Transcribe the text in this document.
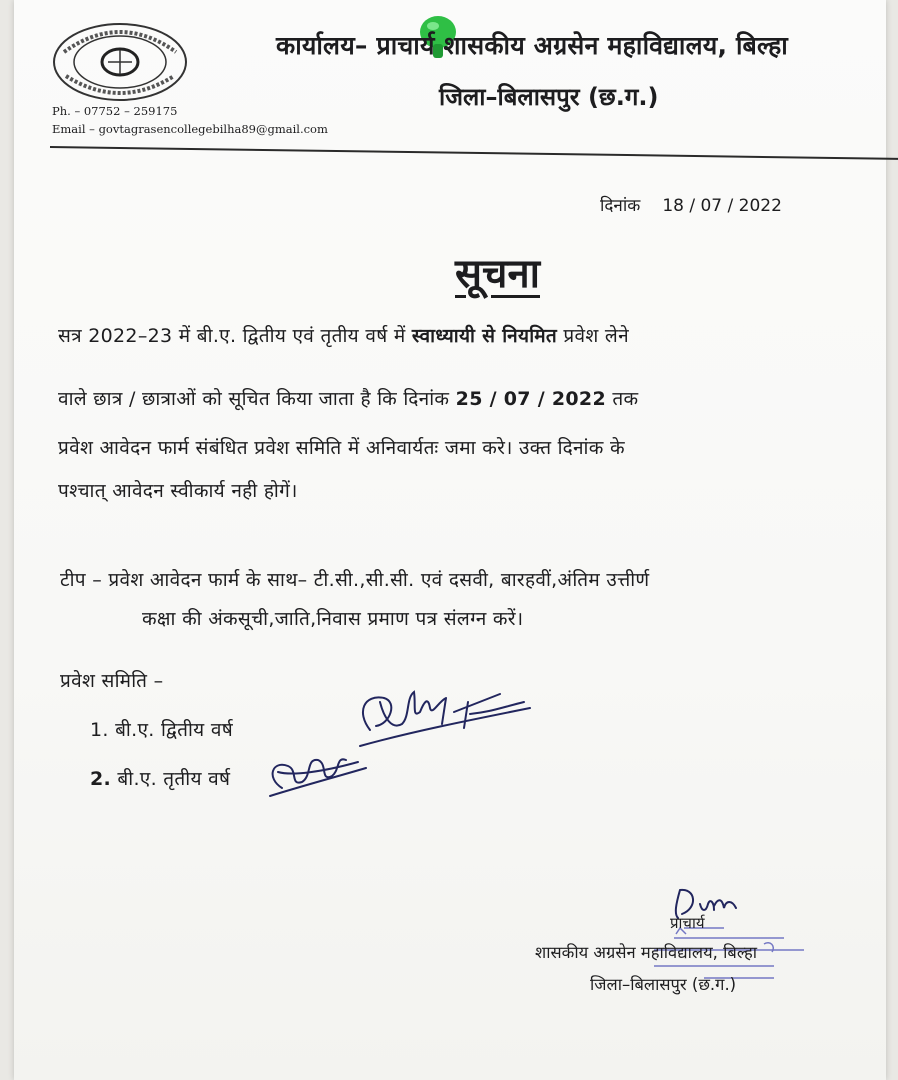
कार्यालय– प्राचार्य शासकीय अग्रसेन महाविद्यालय, बिल्हा
जिला–बिलासपुर (छ.ग.)
Ph. – 07752 – 259175
Email – govtagrasencollegebilha89@gmail.com
दिनांक 18 / 07 / 2022
सूचना
सत्र 2022–23 में बी.ए. द्वितीय एवं तृतीय वर्ष में स्वाध्यायी से नियमित प्रवेश लेने
वाले छात्र / छात्राओं को सूचित किया जाता है कि दिनांक 25 / 07 / 2022 तक
प्रवेश आवेदन फार्म संबंधित प्रवेश समिति में अनिवार्यतः जमा करे। उक्त दिनांक के
पश्चात् आवेदन स्वीकार्य नही होगें।
टीप – प्रवेश आवेदन फार्म के साथ– टी.सी.,सी.सी. एवं दसवी, बारहवीं,अंतिम उत्तीर्ण
कक्षा की अंकसूची,जाति,निवास प्रमाण पत्र संलग्न करें।
प्रवेश समिति –
1. बी.ए. द्वितीय वर्ष
2. बी.ए. तृतीय वर्ष
प्राचार्य
शासकीय अग्रसेन महाविद्यालय, बिल्हा
जिला–बिलासपुर (छ.ग.)
